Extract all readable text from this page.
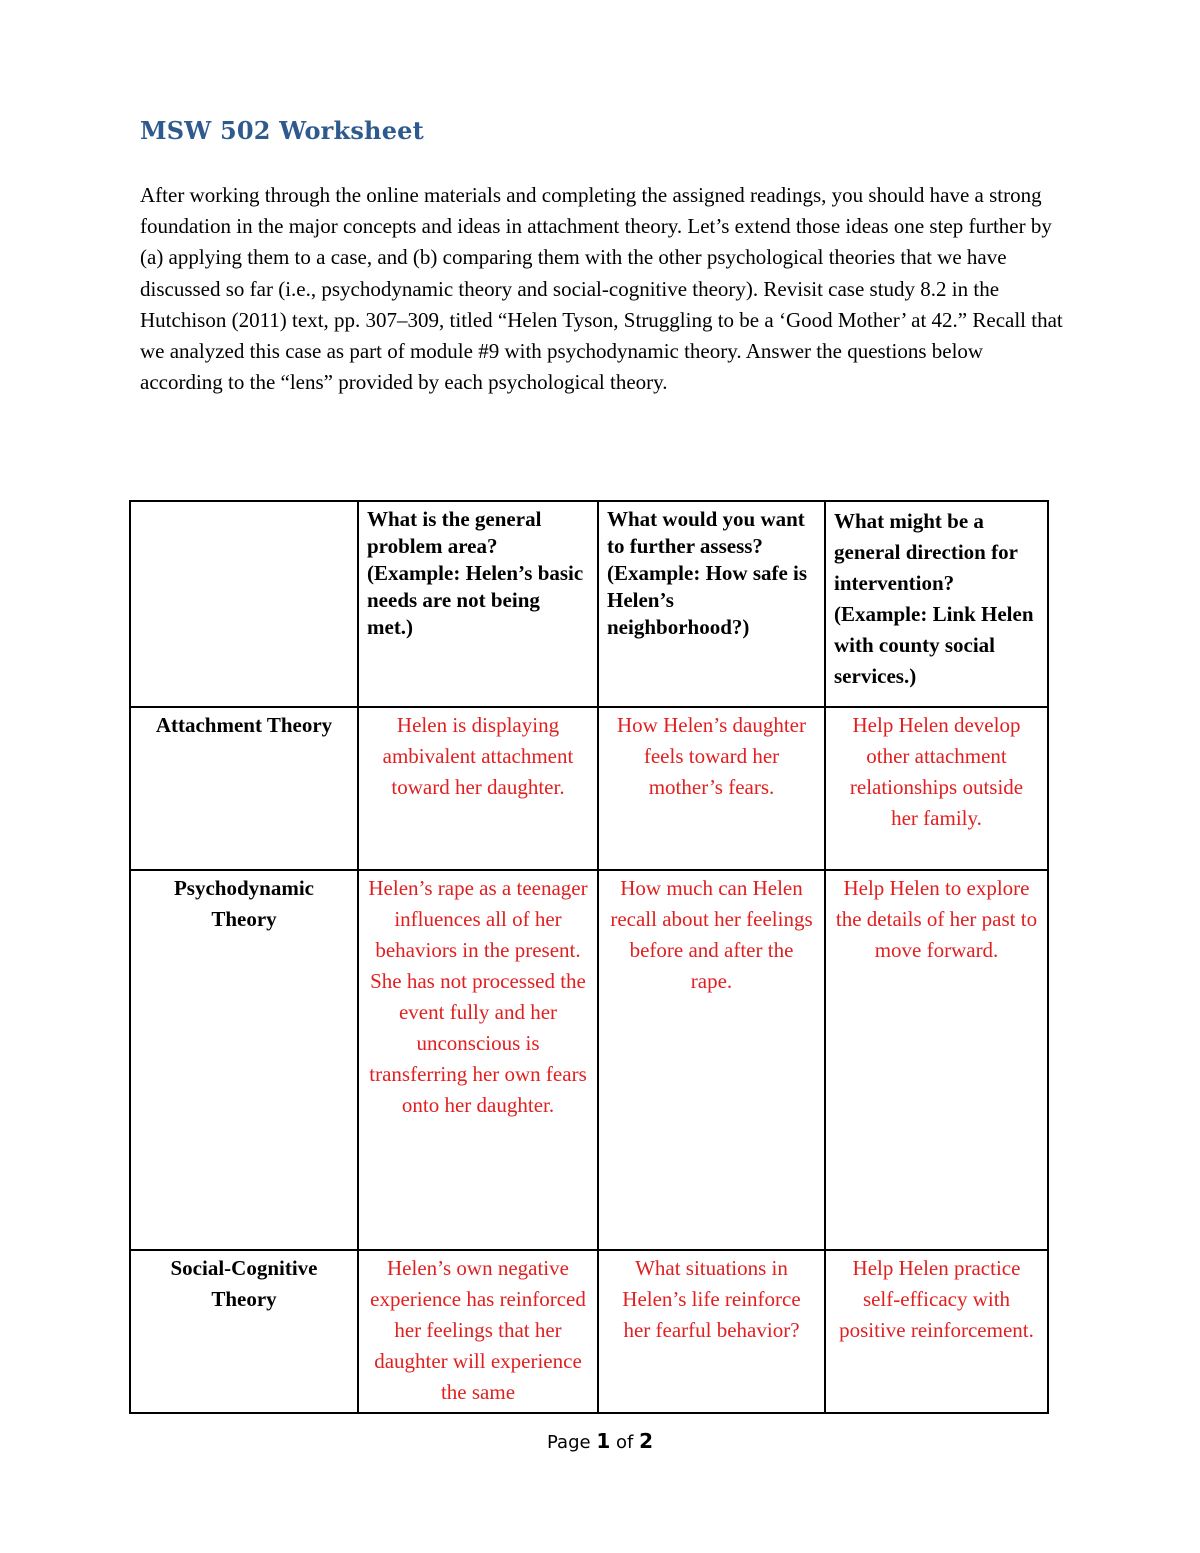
MSW 502 Worksheet

After working through the online materials and completing the assigned readings, you should have a strong foundation in the major concepts and ideas in attachment theory. Let’s extend those ideas one step further by (a) applying them to a case, and (b) comparing them with the other psychological theories that we have discussed so far (i.e., psychodynamic theory and social-cognitive theory). Revisit case study 8.2 in the Hutchison (2011) text, pp. 307–309, titled “Helen Tyson, Struggling to be a ‘Good Mother’ at 42.” Recall that we analyzed this case as part of module #9 with psychodynamic theory. Answer the questions below according to the “lens” provided by each psychological theory.

	What is the general problem area? (Example: Helen’s basic needs are not being met.)	What would you want to further assess? (Example: How safe is Helen’s neighborhood?)	What might be a general direction for intervention? (Example: Link Helen with county social services.)
Attachment Theory	Helen is displaying ambivalent attachment toward her daughter.	How Helen’s daughter feels toward her mother’s fears.	Help Helen develop other attachment relationships outside her family.
Psychodynamic Theory	Helen’s rape as a teenager influences all of her behaviors in the present. She has not processed the event fully and her unconscious is transferring her own fears onto her daughter.	How much can Helen recall about her feelings before and after the rape.	Help Helen to explore the details of her past to move forward.
Social-Cognitive Theory	Helen’s own negative experience has reinforced her feelings that her daughter will experience the same	What situations in Helen’s life reinforce her fearful behavior?	Help Helen practice self-efficacy with positive reinforcement.
Page 1 of 2
